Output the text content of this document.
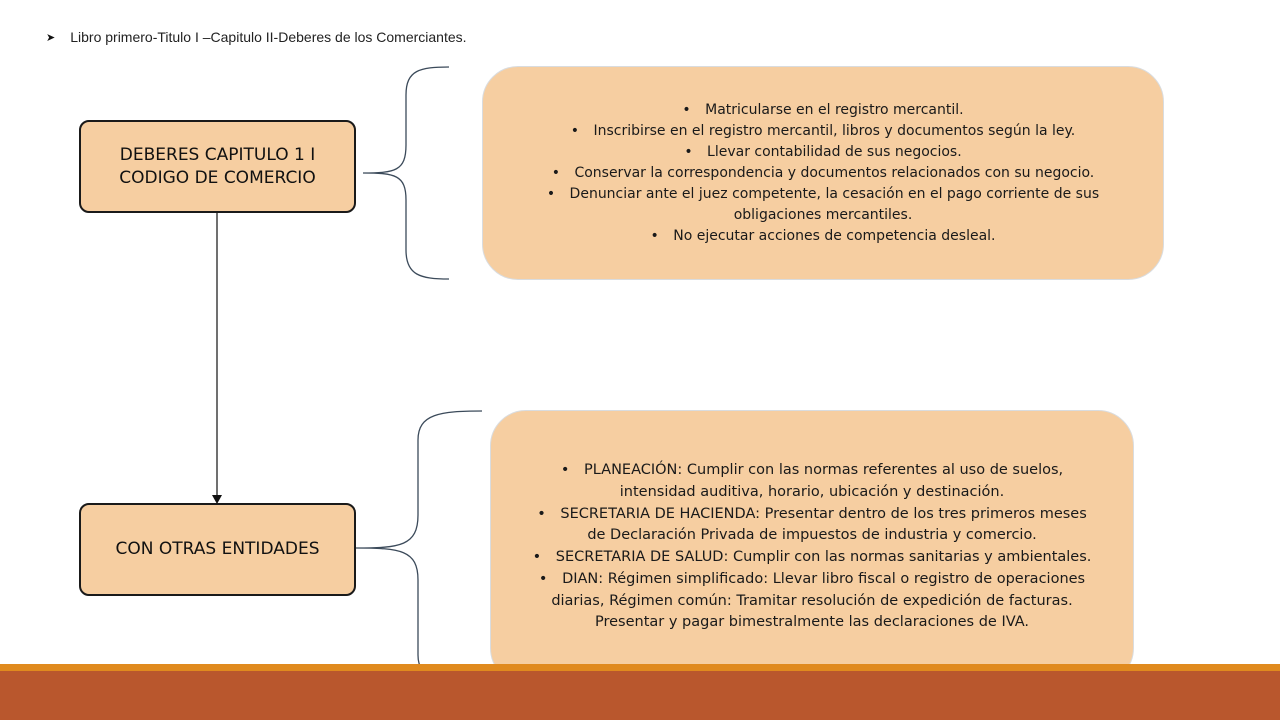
➤ Libro primero-Titulo I –Capitulo II-Deberes de los Comerciantes.
DEBERES CAPITULO 1 I CODIGO DE COMERCIO
CON OTRAS ENTIDADES
• Matricularse en el registro mercantil.
• Inscribirse en el registro mercantil, libros y documentos según la ley.
• Llevar contabilidad de sus negocios.
• Conservar la correspondencia y documentos relacionados con su negocio.
• Denunciar ante el juez competente, la cesación en el pago corriente de sus obligaciones mercantiles.
• No ejecutar acciones de competencia desleal.
• PLANEACIÓN: Cumplir con las normas referentes al uso de suelos, intensidad auditiva, horario, ubicación y destinación.
• SECRETARIA DE HACIENDA: Presentar dentro de los tres primeros meses de Declaración Privada de impuestos de industria y comercio.
• SECRETARIA DE SALUD: Cumplir con las normas sanitarias y ambientales.
• DIAN: Régimen simplificado: Llevar libro fiscal o registro de operaciones diarias, Régimen común: Tramitar resolución de expedición de facturas. Presentar y pagar bimestralmente las declaraciones de IVA.
